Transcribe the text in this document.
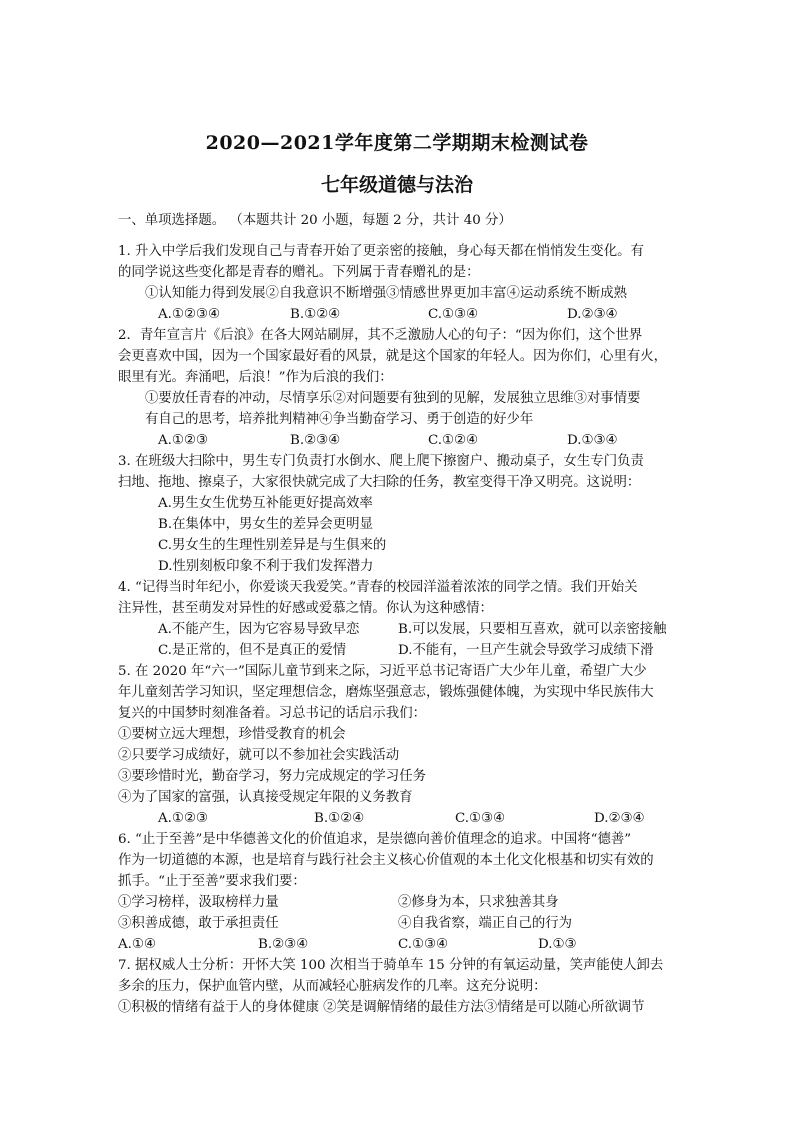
2020—2021学年度第二学期期末检测试卷
七年级道德与法治
一、单项选择题。 （本题共计 20 小题，每题 2 分，共计 40 分）
1. 升入中学后我们发现自己与青春开始了更亲密的接触，身心每天都在悄悄发生变化。有
的同学说这些变化都是青春的赠礼。下列属于青春赠礼的是：
①认知能力得到发展②自我意识不断增强③情感世界更加丰富④运动系统不断成熟
A.①②③④	B.①②④	C.①③④	D.②③④
2．青年宣言片《后浪》在各大网站刷屏，其不乏激励人心的句子：“因为你们，这个世界
会更喜欢中国，因为一个国家最好看的风景，就是这个国家的年轻人。因为你们，心里有火，
眼里有光。奔涌吧，后浪！”作为后浪的我们：
①要放任青春的冲动，尽情享乐②对问题要有独到的见解，发展独立思维③对事情要
有自己的思考，培养批判精神④争当勤奋学习、勇于创造的好少年
A.①②③	B.②③④	C.①②④	D.①③④
3. 在班级大扫除中，男生专门负责打水倒水、爬上爬下擦窗户、搬动桌子，女生专门负责
扫地、拖地、擦桌子，大家很快就完成了大扫除的任务，教室变得干净又明亮。这说明：
A.男生女生优势互补能更好提高效率
B.在集体中，男女生的差异会更明显
C.男女生的生理性别差异是与生俱来的
D.性别刻板印象不利于我们发挥潜力
4. “记得当时年纪小，你爱谈天我爱笑。”青春的校园洋溢着浓浓的同学之情。我们开始关
注异性，甚至萌发对异性的好感或爱慕之情。你认为这种感情：
A.不能产生，因为它容易导致早恋	B.可以发展，只要相互喜欢，就可以亲密接触
C.是正常的，但不是真正的爱情	D.不能有，一旦产生就会导致学习成绩下滑
5. 在 2020 年“六一”国际儿童节到来之际，习近平总书记寄语广大少年儿童，希望广大少
年儿童刻苦学习知识，坚定理想信念，磨炼坚强意志，锻炼强健体魄，为实现中华民族伟大
复兴的中国梦时刻准备着。习总书记的话启示我们：
①要树立远大理想，珍惜受教育的机会
②只要学习成绩好，就可以不参加社会实践活动
③要珍惜时光，勤奋学习，努力完成规定的学习任务
④为了国家的富强，认真接受规定年限的义务教育
A.①②③	B.①②④	C.①③④	D.②③④
6. “止于至善”是中华德善文化的价值追求，是崇德向善价值理念的追求。中国将“德善”
作为一切道德的本源，也是培育与践行社会主义核心价值观的本土化文化根基和切实有效的
抓手。“止于至善”要求我们要：
①学习榜样，汲取榜样力量	②修身为本，只求独善其身
③积善成德，敢于承担责任	④自我省察，端正自己的行为
A.①④	B.②③④	C.①③④	D.①③
7. 据权威人士分析：开怀大笑 100 次相当于骑单车 15 分钟的有氧运动量，笑声能使人卸去
多余的压力，保护血管内壁，从而减轻心脏病发作的几率。这充分说明：
①积极的情绪有益于人的身体健康 ②笑是调解情绪的最佳方法③情绪是可以随心所欲调节
